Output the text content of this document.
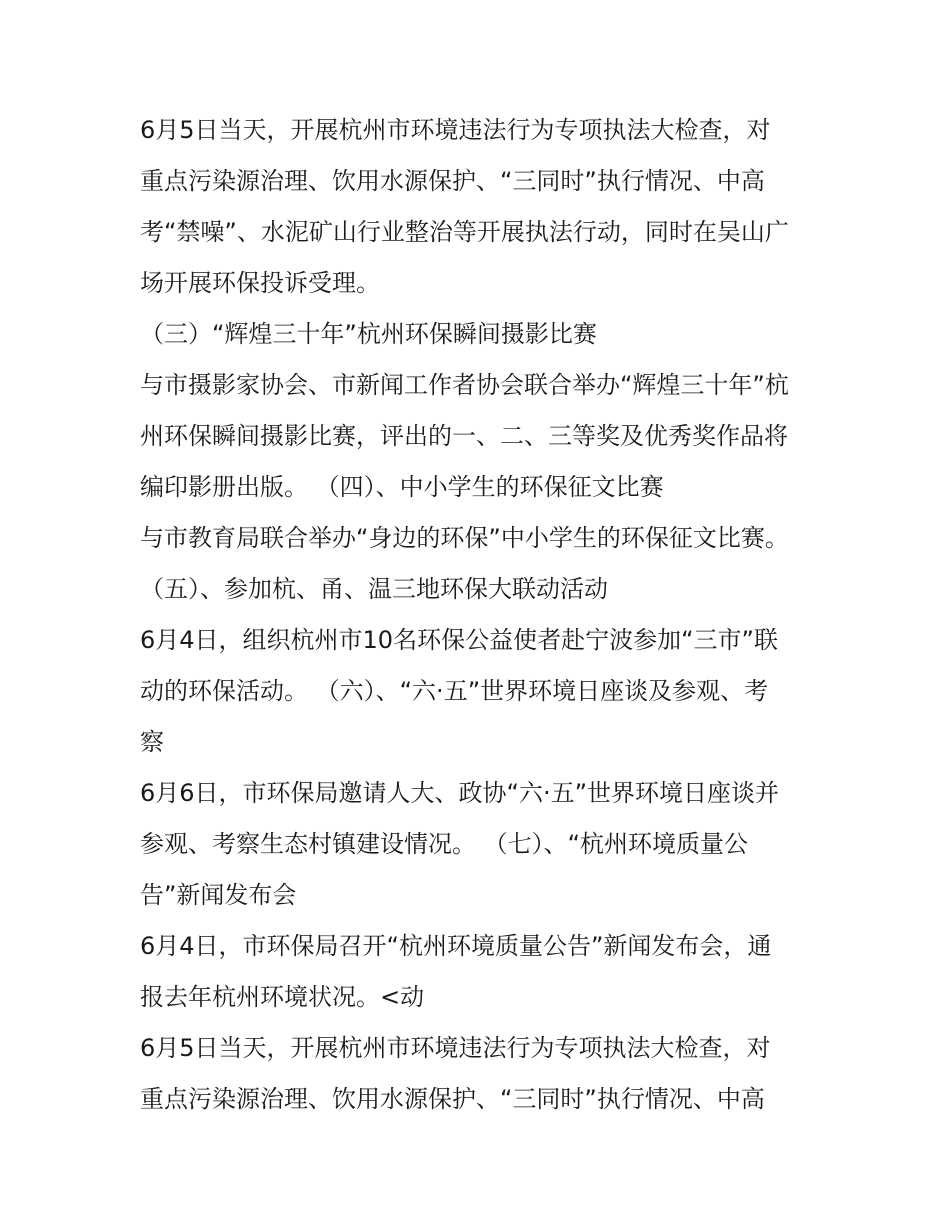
6月5日当天，开展杭州市环境违法行为专项执法大检查，对
重点污染源治理、饮用水源保护、“三同时”执行情况、中高
考“禁噪”、水泥矿山行业整治等开展执法行动，同时在吴山广
场开展环保投诉受理。
（三）“辉煌三十年”杭州环保瞬间摄影比赛
与市摄影家协会、市新闻工作者协会联合举办“辉煌三十年”杭
州环保瞬间摄影比赛，评出的一、二、三等奖及优秀奖作品将
编印影册出版。 （四）、中小学生的环保征文比赛
与市教育局联合举办“身边的环保”中小学生的环保征文比赛。
（五）、参加杭、甬、温三地环保大联动活动
6月4日，组织杭州市10名环保公益使者赴宁波参加“三市”联
动的环保活动。 （六）、“六·五”世界环境日座谈及参观、考
察
6月6日，市环保局邀请人大、政协“六·五”世界环境日座谈并
参观、考察生态村镇建设情况。 （七）、“杭州环境质量公
告”新闻发布会
6月4日，市环保局召开“杭州环境质量公告”新闻发布会，通
报去年杭州环境状况。<动
6月5日当天，开展杭州市环境违法行为专项执法大检查，对
重点污染源治理、饮用水源保护、“三同时”执行情况、中高
